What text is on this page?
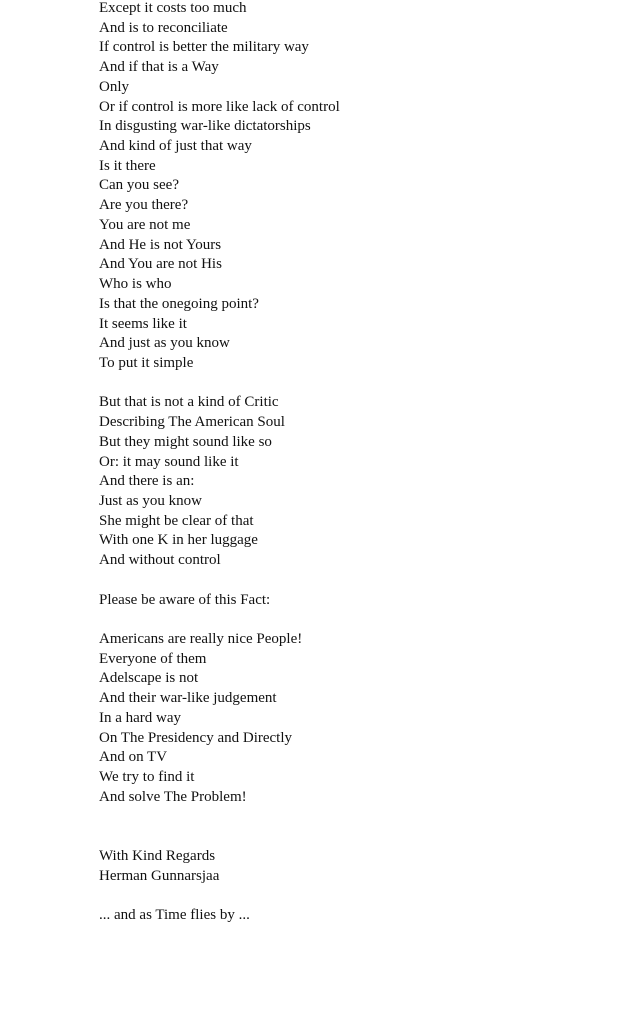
Except it costs too much
And is to reconciliate
If control is better the military way
And if that is a Way
Only
Or if control is more like lack of control
In disgusting war-like dictatorships
And kind of just that way
Is it there
Can you see?
Are you there?
You are not me
And He is not Yours
And You are not His
Who is who
Is that the onegoing point?
It seems like it
And just as you know
To put it simple
But that is not a kind of Critic
Describing The American Soul
But they might sound like so
Or: it may sound like it
And there is an:
Just as you know
She might be clear of that
With one K in her luggage
And without control
Please be aware of this Fact:
Americans are really nice People!
Everyone of them
Adelscape is not
And their war-like judgement
In a hard way
On The Presidency and Directly
And on TV
We try to find it
And solve The Problem!
With Kind Regards
Herman Gunnarsjaa
... and as Time flies by ...
